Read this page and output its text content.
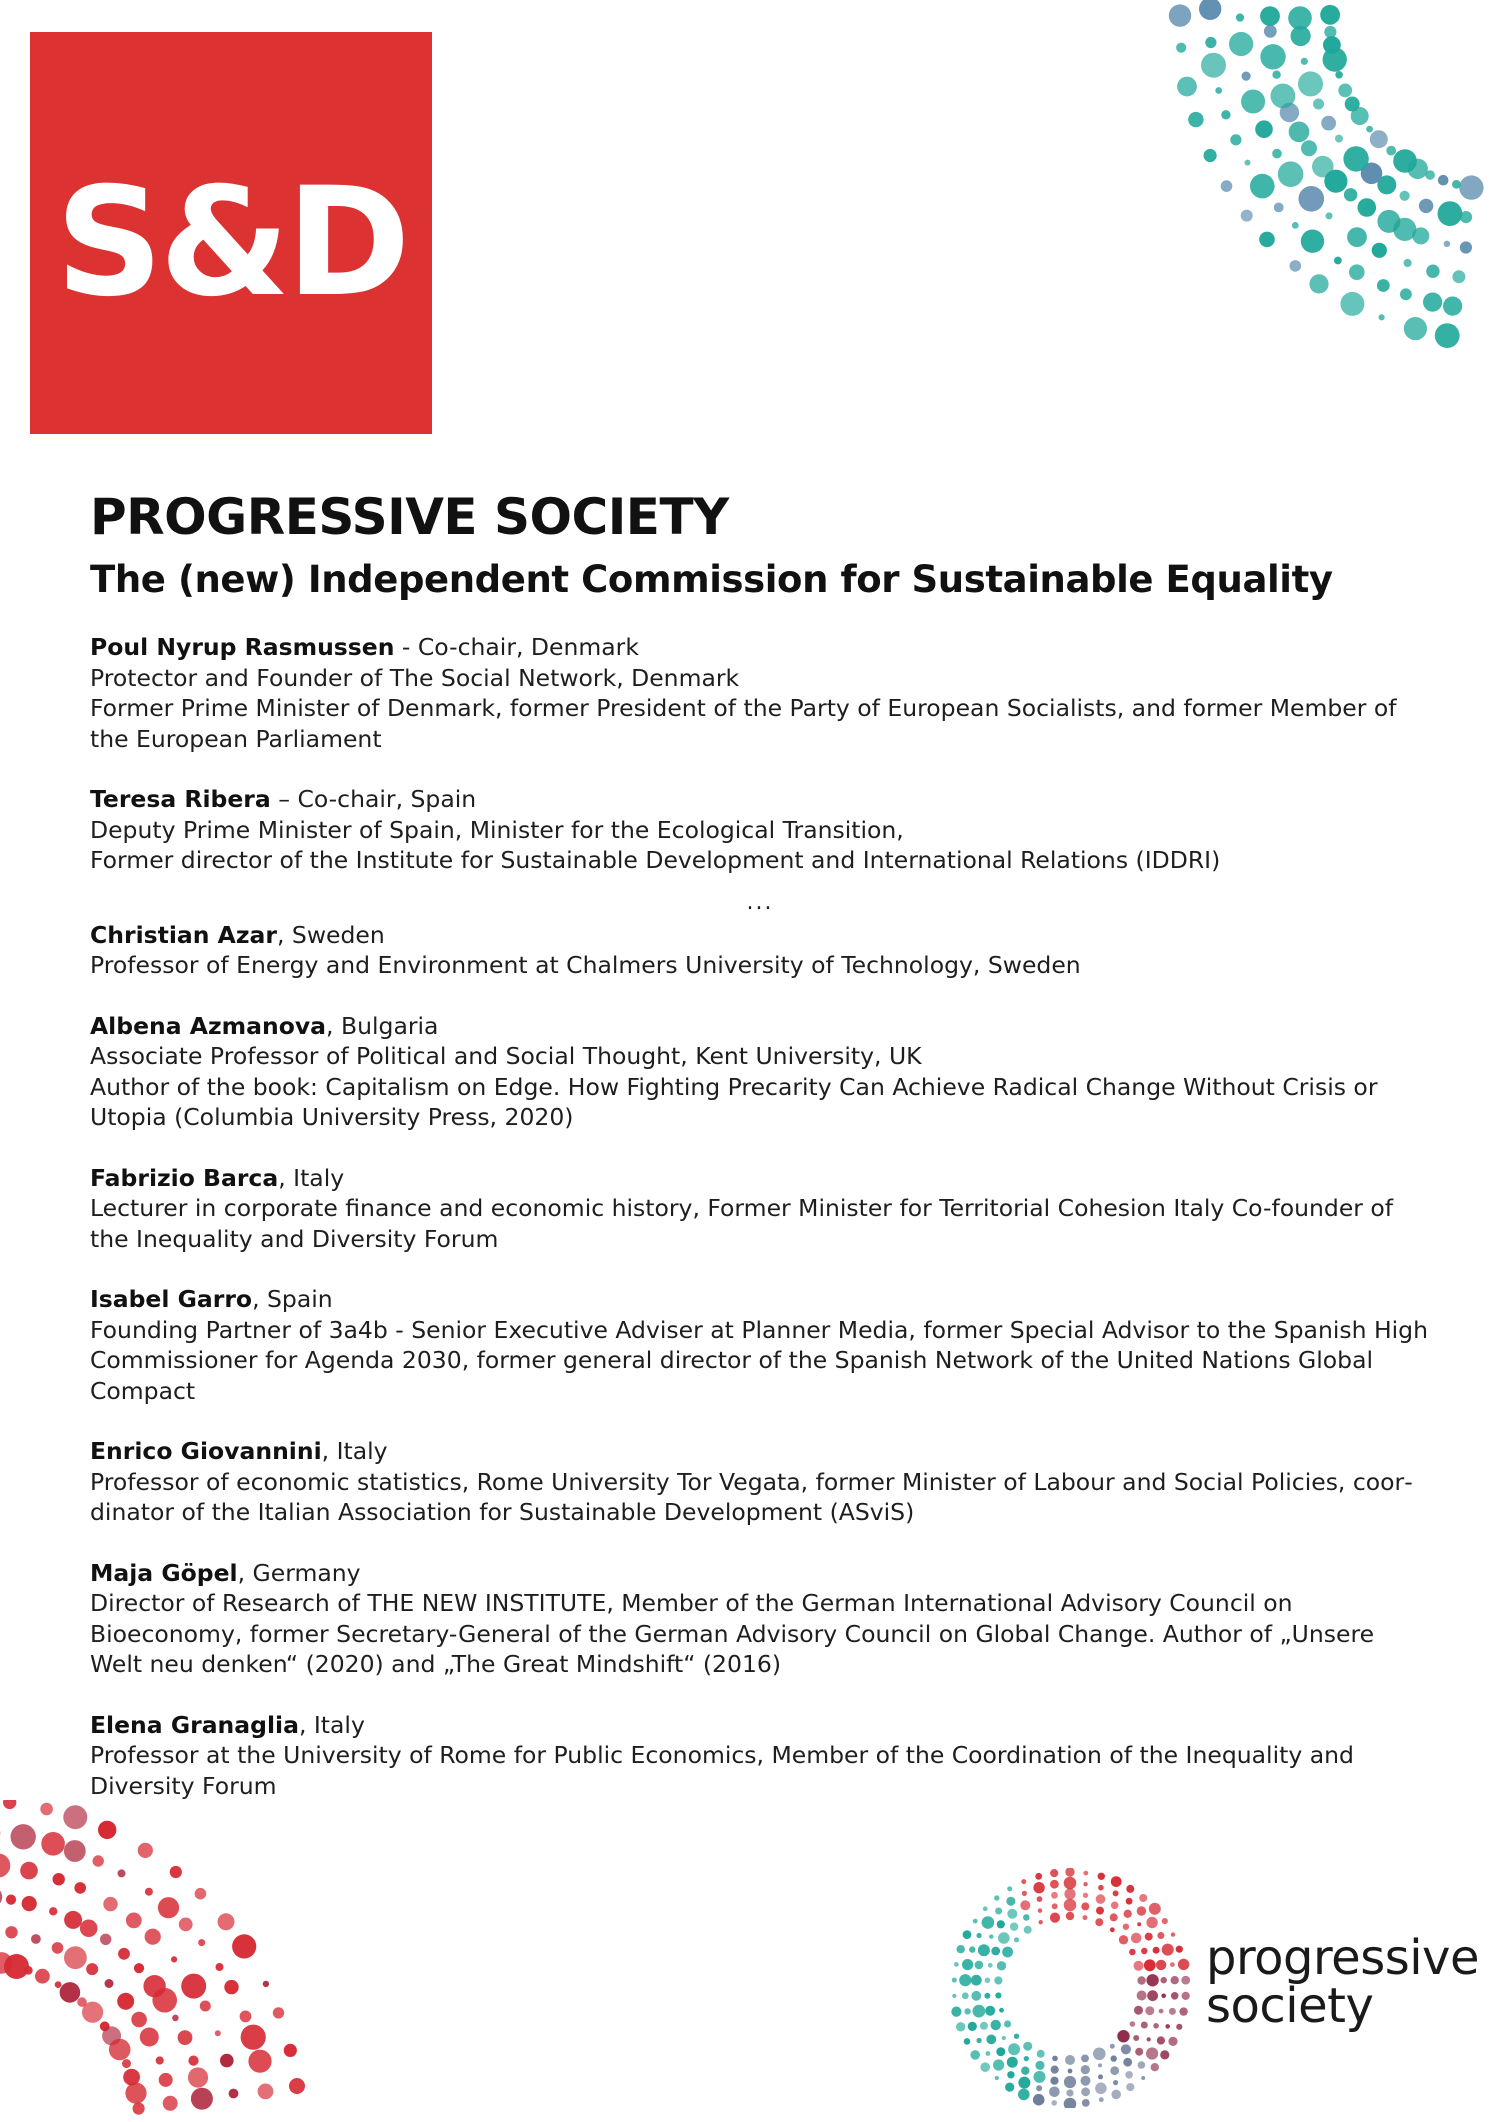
S&D
PROGRESSIVE SOCIETY
The (new) Independent Commission for Sustainable Equality

Poul Nyrup Rasmussen - Co-chair, Denmark

Protector and Founder of The Social Network, Denmark

Former Prime Minister of Denmark, former President of the Party of European Socialists, and former Member of the European Parliament

Teresa Ribera – Co-chair, Spain

Deputy Prime Minister of Spain, Minister for the Ecological Transition,

Former director of the Institute for Sustainable Development and International Relations (IDDRI)

...

Christian Azar, Sweden

Professor of Energy and Environment at Chalmers University of Technology, Sweden

Albena Azmanova, Bulgaria

Associate Professor of Political and Social Thought, Kent University, UK

Author of the book: Capitalism on Edge. How Fighting Precarity Can Achieve Radical Change Without Crisis or Utopia (Columbia University Press, 2020)

Fabrizio Barca, Italy

Lecturer in corporate finance and economic history, Former Minister for Territorial Cohesion Italy Co-founder of the Inequality and Diversity Forum

Isabel Garro, Spain

Founding Partner of 3a4b - Senior Executive Adviser at Planner Media, former Special Advisor to the Spanish High Commissioner for Agenda 2030, former general director of the Spanish Network of the United Nations Global Compact

Enrico Giovannini, Italy

Professor of economic statistics, Rome University Tor Vegata, former Minister of Labour and Social Policies, coordinator of the Italian Association for Sustainable Development (ASviS)

Maja Göpel, Germany

Director of Research of THE NEW INSTITUTE, Member of the German International Advisory Council on Bioeconomy, former Secretary-General of the German Advisory Council on Global Change. Author of „Unsere Welt neu denken“ (2020) and „The Great Mindshift“ (2016)

Elena Granaglia, Italy

Professor at the University of Rome for Public Economics, Member of the Coordination of the Inequality and Diversity Forum

progressive
society
